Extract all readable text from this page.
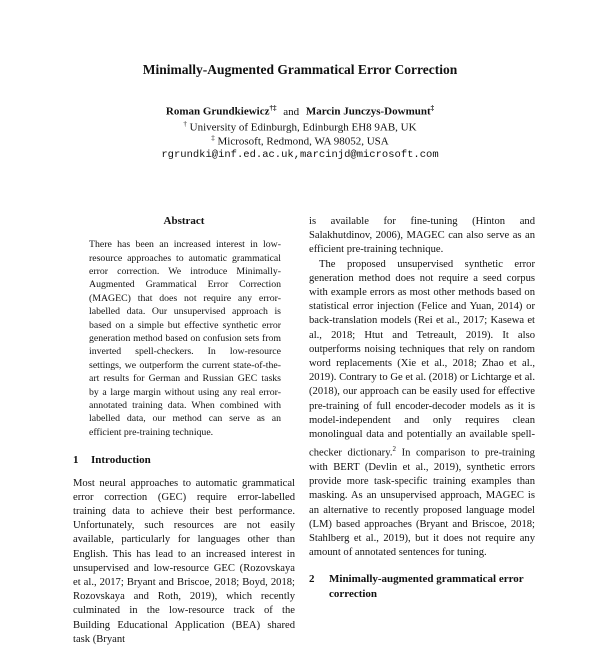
Minimally-Augmented Grammatical Error Correction
Roman Grundkiewicz†‡ and Marcin Junczys-Dowmunt‡
† University of Edinburgh, Edinburgh EH8 9AB, UK
‡ Microsoft, Redmond, WA 98052, USA
rgrundki@inf.ed.ac.uk,marcinjd@microsoft.com
Abstract
There has been an increased interest in low-resource approaches to automatic grammatical error correction. We introduce Minimally-Augmented Grammatical Error Correction (MAGEC) that does not require any error-labelled data. Our unsupervised approach is based on a simple but effective synthetic error generation method based on confusion sets from inverted spell-checkers. In low-resource settings, we outperform the current state-of-the-art results for German and Russian GEC tasks by a large margin without using any real error-annotated training data. When combined with labelled data, our method can serve as an efficient pre-training technique.
1 Introduction

Most neural approaches to automatic grammatical error correction (GEC) require error-labelled training data to achieve their best performance. Unfortunately, such resources are not easily available, particularly for languages other than English. This has lead to an increased interest in unsupervised and low-resource GEC (Rozovskaya et al., 2017; Bryant and Briscoe, 2018; Boyd, 2018; Rozovskaya and Roth, 2019), which recently culminated in the low-resource track of the Building Educational Application (BEA) shared task (Bryant

is available for fine-tuning (Hinton and Salakhutdinov, 2006), MAGEC can also serve as an efficient pre-training technique.

The proposed unsupervised synthetic error generation method does not require a seed corpus with example errors as most other methods based on statistical error injection (Felice and Yuan, 2014) or back-translation models (Rei et al., 2017; Kasewa et al., 2018; Htut and Tetreault, 2019). It also outperforms noising techniques that rely on random word replacements (Xie et al., 2018; Zhao et al., 2019). Contrary to Ge et al. (2018) or Lichtarge et al. (2018), our approach can be easily used for effective pre-training of full encoder-decoder models as it is model-independent and only requires clean monolingual data and potentially an available spell-checker dictionary.$^2$ In comparison to pre-training with BERT (Devlin et al., 2019), synthetic errors provide more task-specific training examples than masking. As an unsupervised approach, MAGEC is an alternative to recently proposed language model (LM) based approaches (Bryant and Briscoe, 2018; Stahlberg et al., 2019), but it does not require any amount of annotated sentences for tuning.

2	Minimally-augmented grammatical error correction
